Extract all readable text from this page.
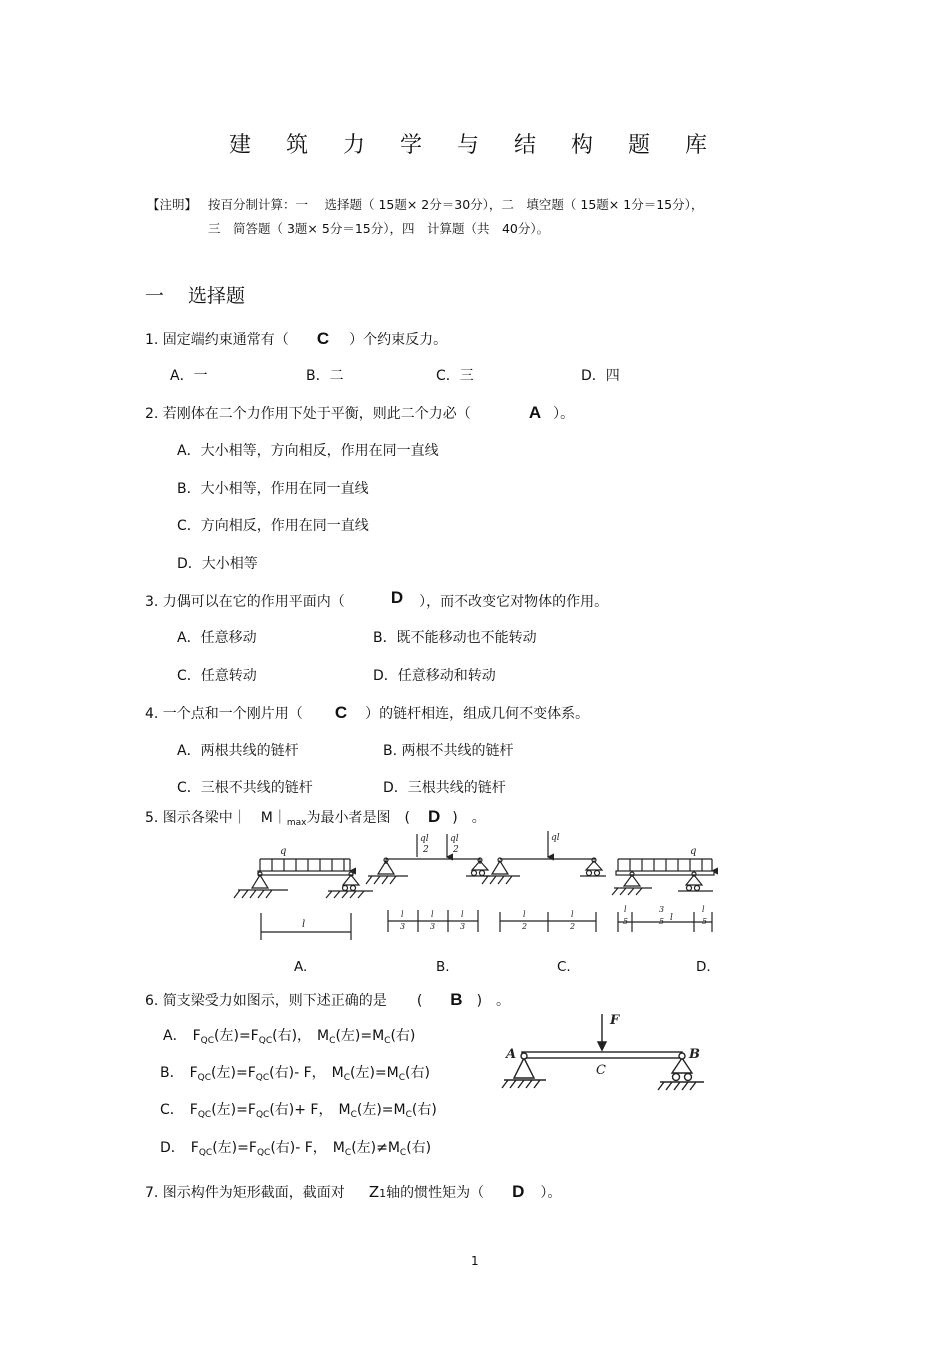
建 筑 力 学 与 结 构 题 库
【注明】 按百分制计算：一　 选择题（ 15题× 2分＝30分），二　填空题（ 15题× 1分＝15分），
三　简答题（ 3题× 5分＝15分），四　计算题（共　40分）。
一 选择题
1. 固定端约束通常有（ C ）个约束反力。
A．一	B．二	C．三	D．四
2. 若刚体在二个力作用下处于平衡，则此二个力必（	A ）。
A．大小相等，方向相反，作用在同一直线
B．大小相等，作用在同一直线
C．方向相反，作用在同一直线
D．大小相等
3. 力偶可以在它的作用平面内（	D ），而不改变它对物体的作用。
A．任意移动	B．既不能移动也不能转动
C．任意转动	D．任意移动和转动
4. 一个点和一个刚片用（ C ）的链杆相连，组成几何不变体系。
A．两根共线的链杆	B. 两根不共线的链杆
C．三根不共线的链杆	D．三根共线的链杆
5. 图示各梁中｜　$M|_{max}$为最小者是图　( D )　。
q
l
ql
2
ql
2
ql
q
l
3
l
3
l
3
l
2
l
2
l
5
3
5 l
l
5
A.	B.	C.	D.
6. 简支梁受力如图示，则下述正确的是 ( B )　。
A． $F_{QC}$(左)$=F_{QC}$(右)， $M_C$(左)$=M_C$(右)
B． $F_{QC}$(左)$=F_{QC}$(右)- F， $M_C$(左)$=M_C$(右)
C． $F_{QC}$(左)$=F_{QC}$(右)+ F， $M_C$(左)$=M_C$(右)
D． $F_{QC}$(左)$=F_{QC}$(右)- F， $M_C$(左)$\ne M_C$(右)
F
A	B
C
7. 图示构件为矩形截面，截面对 Z1轴的惯性矩为（ D ）。
1
